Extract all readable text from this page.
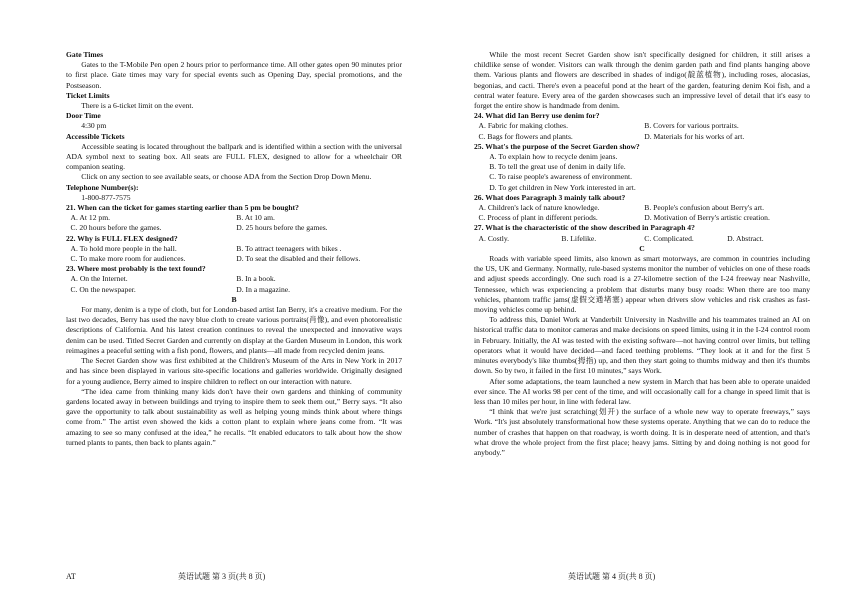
Gate Times

Gates to the T-Mobile Pen open 2 hours prior to performance time. All other gates open 90 minutes prior to first place. Gate times may vary for special events such as Opening Day, special promotions, and the Postseason.

Ticket Limits

There is a 6-ticket limit on the event.

Door Time

4:30 pm

Accessible Tickets

Accessible seating is located throughout the ballpark and is identified within a section with the universal ADA symbol next to seating box. All seats are FULL FLEX, designed to allow for a wheelchair OR companion seating.

Click on any section to see available seats, or choose ADA from the Section Drop Down Menu.

Telephone Number(s):

1-800-877-7575

21. When can the ticket for games starting earlier than 5 pm be bought?

A. At 12 pm.	B. At 10 am.
C. 20 hours before the games.	D. 25 hours before the games.

22. Why is FULL FLEX designed?

A. To hold more people in the hall.	B. To attract teenagers with bikes .
C. To make more room for audiences.	D. To seat the disabled and their fellows.

23. Where most probably is the text found?

A. On the Internet.	B. In a book.
C. On the newspaper.	D. In a magazine.

B

For many, denim is a type of cloth, but for London-based artist Ian Berry, it's a creative medium. For the last two decades, Berry has used the navy blue cloth to create various portraits(肖像), and even photorealistic descriptions of California. And his latest creation continues to reveal the unexpected and innovative ways denim can be used. Titled Secret Garden and currently on display at the Garden Museum in London, this work reimagines a peaceful setting with a fish pond, flowers, and plants—all made from recycled denim jeans.

The Secret Garden show was first exhibited at the Children's Museum of the Arts in New York in 2017 and has since been displayed in various site-specific locations and galleries worldwide. Originally designed for a young audience, Berry aimed to inspire children to reflect on our interaction with nature.

“The idea came from thinking many kids don't have their own gardens and thinking of community gardens located away in between buildings and trying to inspire them to seek them out,” Berry says. “It also gave the opportunity to talk about sustainability as well as helping young minds think about where things come from.” The artist even showed the kids a cotton plant to explain where jeans come from. “It was amazing to see so many confused at the idea,” he recalls. “It enabled educators to talk about how the show turned plants to pants, then back to plants again.”

While the most recent Secret Garden show isn't specifically designed for children, it still arises a childlike sense of wonder. Visitors can walk through the denim garden path and find plants hanging above them. Various plants and flowers are described in shades of indigo(靛蓝植物), including roses, alocasias, begonias, and cacti. There's even a peaceful pond at the heart of the garden, featuring denim Koi fish, and a central water feature. Every area of the garden showcases such an impressive level of detail that it's easy to forget the entire show is handmade from denim.

24. What did Ian Berry use denim for?

A. Fabric for making clothes.	B. Covers for various portraits.
C. Bags for flowers and plants.	D. Materials for his works of art.

25. What's the purpose of the Secret Garden show?

A. To explain how to recycle denim jeans.
B. To tell the great use of denim in daily life.
C. To raise people's awareness of environment.
D. To get children in New York interested in art.

26. What does Paragraph 3 mainly talk about?

A. Children's lack of nature knowledge.	B. People's confusion about Berry's art.
C. Process of plant in different periods.	D. Motivation of Berry's artistic creation.

27. What is the characteristic of the show described in Paragraph 4?

A. Costly.	B. Lifelike.	C. Complicated.	D. Abstract.

C

Roads with variable speed limits, also known as smart motorways, are common in countries including the US, UK and Germany. Normally, rule-based systems monitor the number of vehicles on one of these roads and adjust speeds accordingly. One such road is a 27-kilometre section of the I-24 freeway near Nashville, Tennessee, which was experiencing a problem that disturbs many busy roads: When there are too many vehicles, phantom traffic jams(虚假交通堵塞) appear when drivers slow vehicles and risk crashes as fast-moving vehicles come up behind.

To address this, Daniel Work at Vanderbilt University in Nashville and his teammates trained an AI on historical traffic data to monitor cameras and make decisions on speed limits, using it in the I-24 control room in February. Initially, the AI was tested with the existing software—not having control over limits, but telling operators what it would have decided—and faced teething problems. “They look at it and for the first 5 minutes everybody's like thumbs(拇指) up, and then they start going to thumbs midway and then it's thumbs down. So by two, it failed in the first 10 minutes,” says Work.

After some adaptations, the team launched a new system in March that has been able to operate unaided ever since. The AI works 98 per cent of the time, and will occasionally call for a change in speed limit that is less than 10 miles per hour, in line with federal law.

“I think that we're just scratching(划开) the surface of a whole new way to operate freeways,” says Work. “It's just absolutely transformational how these systems operate. Anything that we can do to reduce the number of crashes that happen on that roadway, is worth doing. It is in desperate need of attention, and that's what drove the whole project from the first place; heavy jams. Sitting by and doing nothing is not good for anybody.”

AT	英语试题 第 3 页(共 8 页)	英语试题 第 4 页(共 8 页)
